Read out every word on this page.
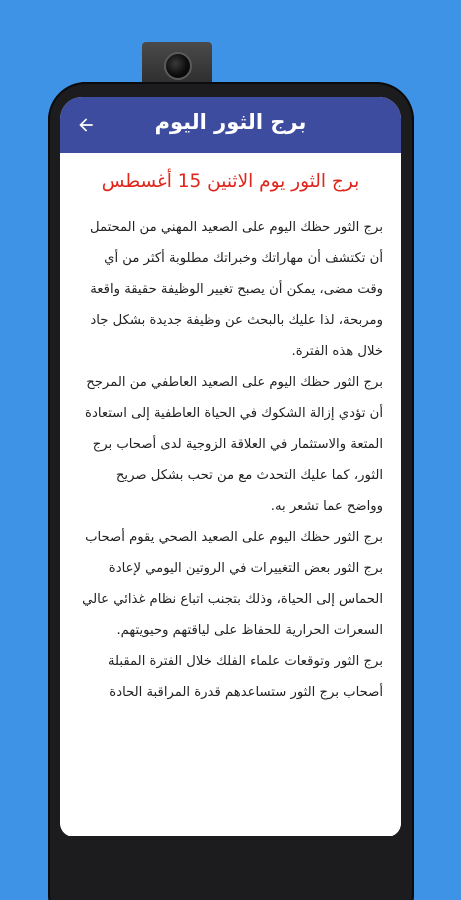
برج الثور اليوم
برج الثور يوم الاثنين 15 أغسطس

برج الثور حظك اليوم على الصعيد المهني من المحتمل أن تكتشف أن مهاراتك وخبراتك مطلوبة أكثر من أي وقت مضى، يمكن أن يصبح تغيير الوظيفة حقيقة واقعة ومربحة، لذا عليك بالبحث عن وظيفة جديدة بشكل جاد خلال هذه الفترة.

برج الثور حظك اليوم على الصعيد العاطفي من المرجح أن تؤدي إزالة الشكوك في الحياة العاطفية إلى استعادة المتعة والاستثمار في العلاقة الزوجية لدى أصحاب برج الثور، كما عليك التحدث مع من تحب بشكل صريح وواضح عما تشعر به.

برج الثور حظك اليوم على الصعيد الصحي يقوم أصحاب برج الثور بعض التغييرات في الروتين اليومي لإعادة الحماس إلى الحياة، وذلك بتجنب اتباع نظام غذائي عالي السعرات الحرارية للحفاظ على لياقتهم وحيويتهم.

برج الثور وتوقعات علماء الفلك خلال الفترة المقبلة أصحاب برج الثور ستساعدهم قدرة المراقبة الحادة
